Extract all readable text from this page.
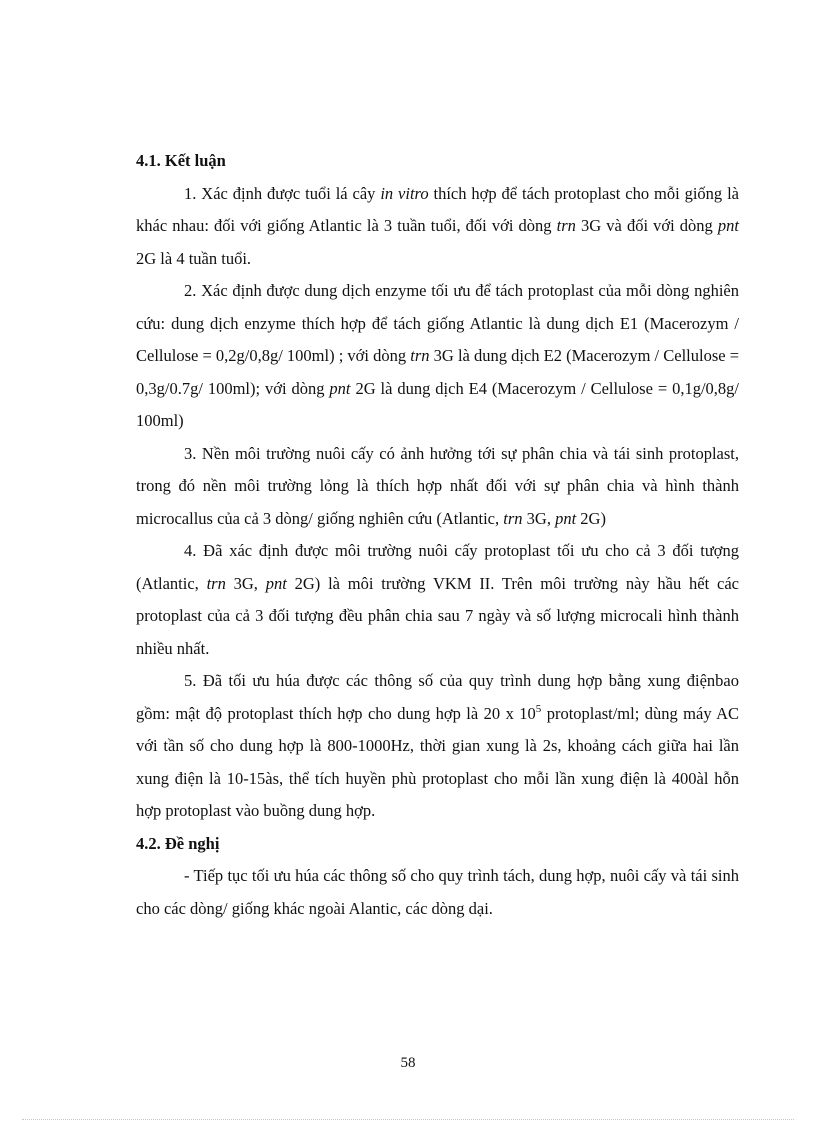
4.1. Kết luận

1. Xác định được tuổi lá cây in vitro thích hợp để tách protoplast cho mỗi giống là khác nhau: đối với giống Atlantic là 3 tuần tuổi, đối với dòng trn 3G và đối với dòng pnt 2G là 4 tuần tuổi.

2. Xác định được dung dịch enzyme tối ưu để tách protoplast của mỗi dòng nghiên cứu: dung dịch enzyme thích hợp để tách giống Atlantic là dung dịch E1 (Macerozym / Cellulose = 0,2g/0,8g/ 100ml) ; với dòng trn 3G là dung dịch E2 (Macerozym / Cellulose = 0,3g/0.7g/ 100ml); với dòng pnt 2G là dung dịch E4 (Macerozym / Cellulose = 0,1g/0,8g/ 100ml)

3. Nền môi trường nuôi cấy có ảnh hưởng tới sự phân chia và tái sinh protoplast, trong đó nền môi trường lỏng là thích hợp nhất đối với sự phân chia và hình thành microcallus của cả 3 dòng/ giống nghiên cứu (Atlantic, trn 3G, pnt 2G)

4. Đã xác định được môi trường nuôi cấy protoplast tối ưu cho cả 3 đối tượng (Atlantic, trn 3G, pnt 2G) là môi trường VKM II. Trên môi trường này hầu hết các protoplast của cả 3 đối tượng đều phân chia sau 7 ngày và số lượng microcali hình thành nhiều nhất.

5. Đã tối ưu húa được các thông số của quy trình dung hợp bằng xung điệnbao gồm: mật độ protoplast thích hợp cho dung hợp là 20 x $10^5$ protoplast/ml; dùng máy AC với tần số cho dung hợp là 800-1000Hz, thời gian xung là 2s, khoảng cách giữa hai lần xung điện là 10-15às, thể tích huyền phù protoplast cho mỗi lần xung điện là 400àl hỗn hợp protoplast vào buồng dung hợp.

4.2. Đề nghị

- Tiếp tục tối ưu húa các thông số cho quy trình tách, dung hợp, nuôi cấy và tái sinh cho các dòng/ giống khác ngoài Alantic, các dòng dại.

58
